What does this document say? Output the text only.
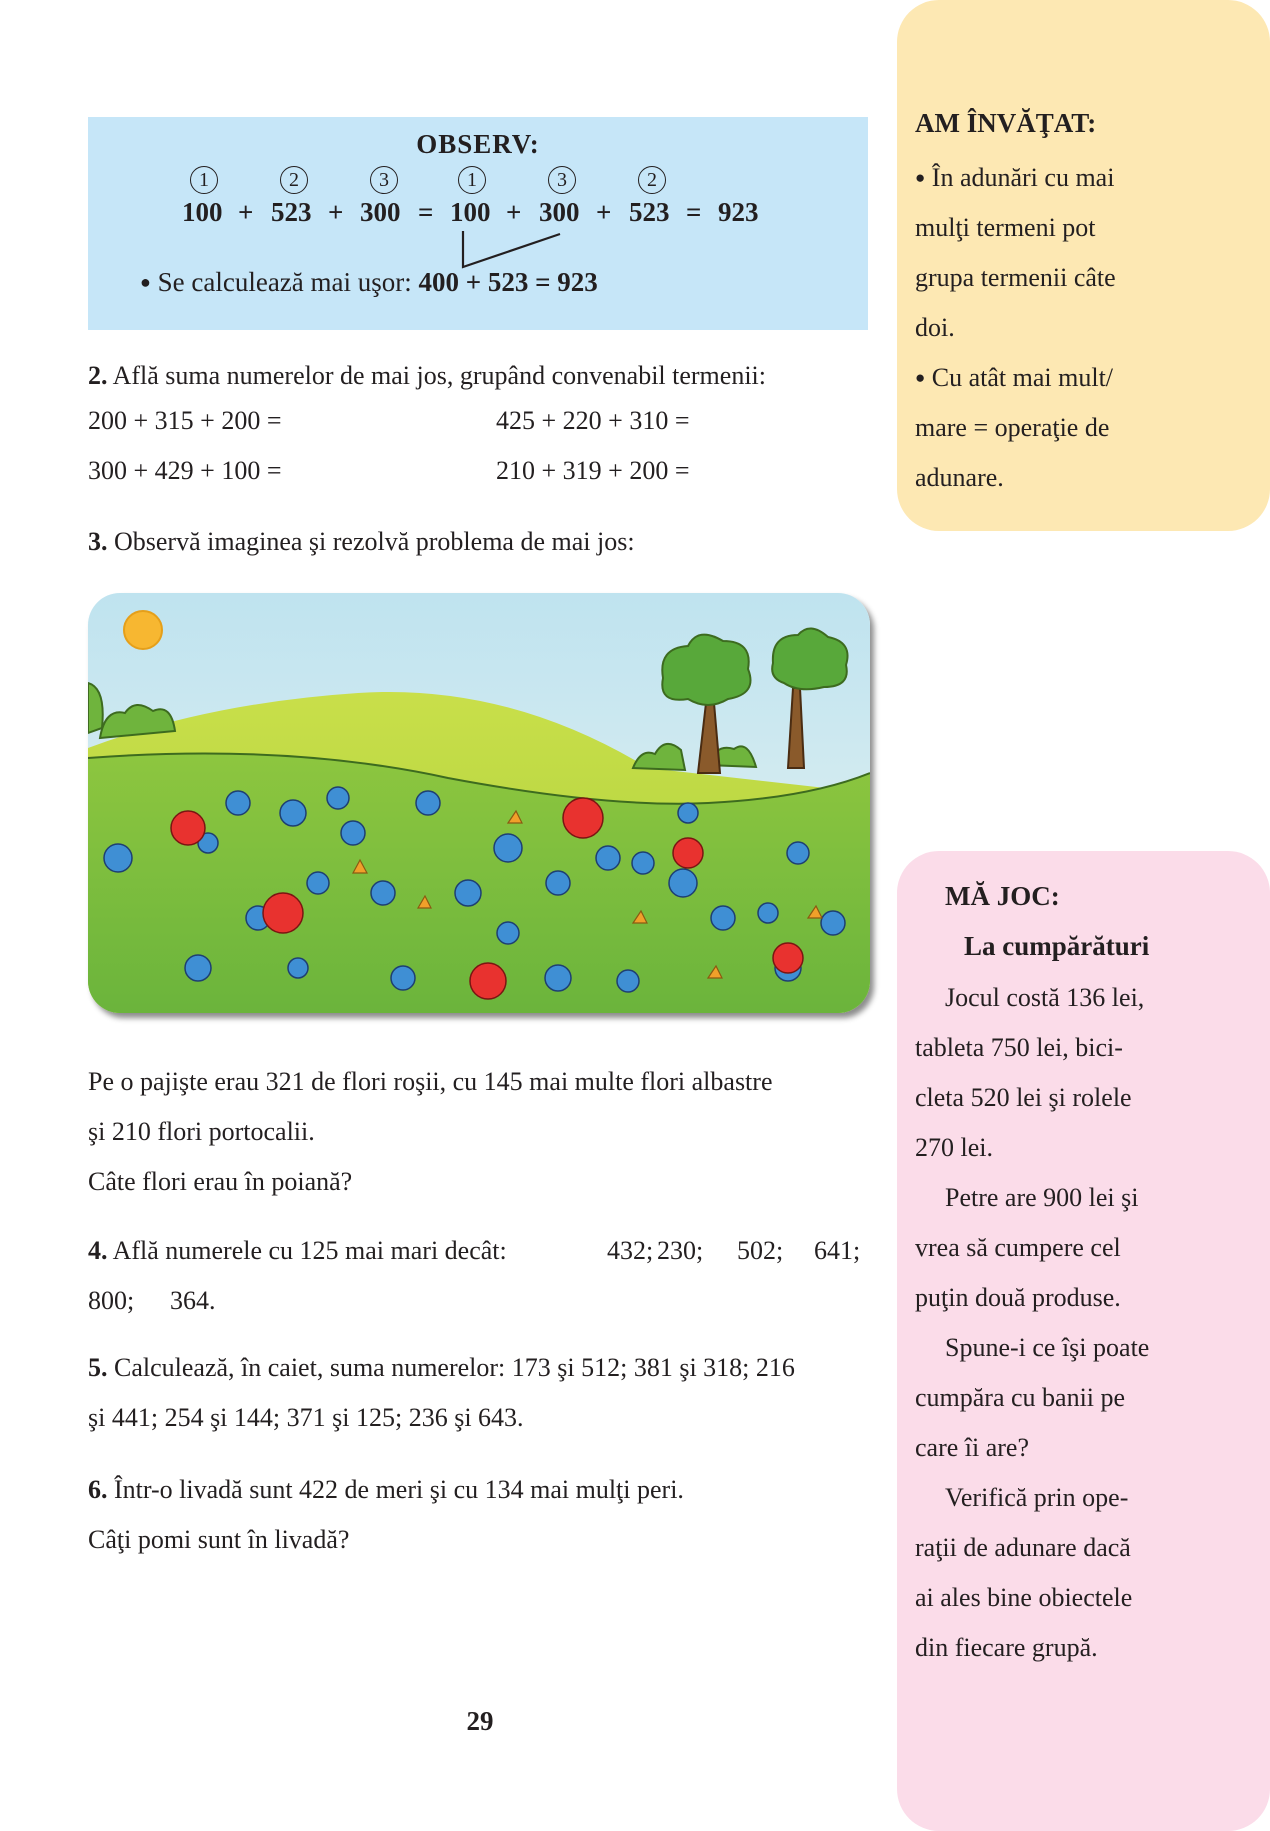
OBSERV:
1	2	3	1	3	2
100 + 523 + 300 = 100 + 300 + 523 = 923
● Se calculează mai uşor: 400 + 523 = 923
2. Află suma numerelor de mai jos, grupând convenabil termenii:
200 + 315 + 200 =	425 + 220 + 310 =
300 + 429 + 100 =	210 + 319 + 200 =
3. Observă imaginea şi rezolvă problema de mai jos:
Pe o pajişte erau 321 de flori roşii, cu 145 mai multe flori albastre
şi 210 flori portocalii.
Câte flori erau în poiană?
4. Află numerele cu 125 mai mari decât:	432; 230; 502; 641;
800; 364.
5. Calculează, în caiet, suma numerelor: 173 şi 512; 381 şi 318; 216
şi 441; 254 şi 144; 371 şi 125; 236 şi 643.
6. Într-o livadă sunt 422 de meri şi cu 134 mai mulţi peri.
Câţi pomi sunt în livadă?
29
AM ÎNVĂŢAT:
● În adunări cu mai
mulţi termeni pot
grupa termenii câte
doi.
● Cu atât mai mult/
mare = operaţie de
adunare.
MĂ JOC:
La cumpărături
Jocul costă 136 lei,
tableta 750 lei, bici-
cleta 520 lei şi rolele
270 lei.
Petre are 900 lei şi
vrea să cumpere cel
puţin două produse.
Spune-i ce îşi poate
cumpăra cu banii pe
care îi are?
Verifică prin ope-
raţii de adunare dacă
ai ales bine obiectele
din fiecare grupă.
